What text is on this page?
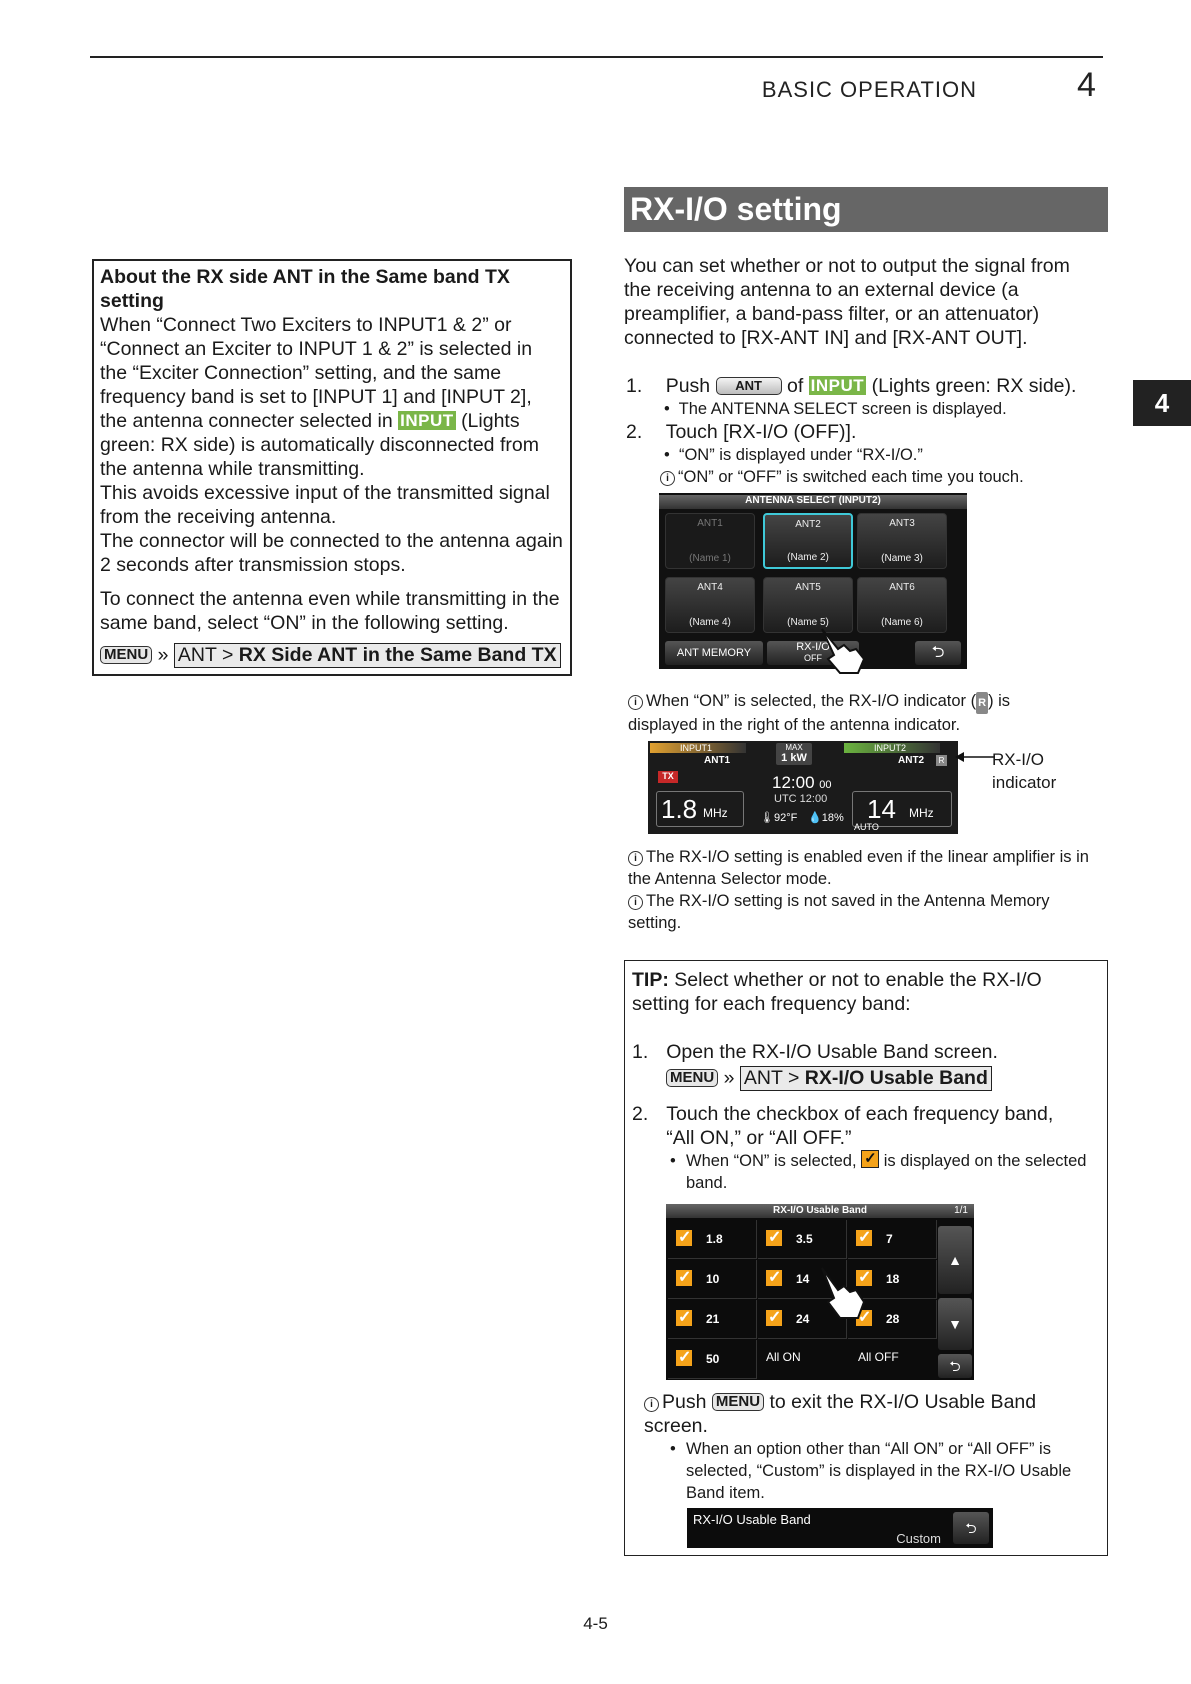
BASIC OPERATION	4
4

About the RX side ANT in the Same band TX setting

When “Connect Two Exciters to INPUT1 & 2” or “Connect an Exciter to INPUT 1 & 2” is selected in the “Exciter Connection” setting, and the same frequency band is set to [INPUT 1] and [INPUT 2], the antenna connecter selected in INPUT (Lights green: RX side) is automatically disconnected from the antenna while transmitting.

This avoids excessive input of the transmitted signal from the receiving antenna.

The connector will be connected to the antenna again 2 seconds after transmission stops.

To connect the antenna even while transmitting in the same band, select “ON” in the following setting.

MENU » ANT > RX Side ANT in the Same Band TX

RX-I/O setting
You can set whether or not to output the signal from the receiving antenna to an external device (a preamplifier, a band-pass filter, or an attenuator) connected to [RX-ANT IN] and [RX-ANT OUT].
1. Push ANT of INPUT (Lights green: RX side).
•  The ANTENNA SELECT screen is displayed.
2. Touch [RX-I/O (OFF)].
•  “ON” is displayed under “RX-I/O.”
i “ON” or “OFF” is switched each time you touch.
ANTENNA SELECT (INPUT2)
ANT1
(Name 1)
ANT2
(Name 2)
ANT3
(Name 3)
ANT4
(Name 4)
ANT5
(Name 5)
ANT6
(Name 6)
ANT MEMORY	RX-I/O
OFF	⮌
i When “ON” is selected, the RX-I/O indicator ( R ) is displayed in the right of the antenna indicator.
INPUT1
ANT1
TX
1.8 MHz
MAX
1 kW
12:00 00
UTC 12:00
🌡92°F 💧18%
INPUT2
ANT2	R
14 MHz
AUTO
RX-I/O indicator
i The RX-I/O setting is enabled even if the linear amplifier is in the Antenna Selector mode.
i The RX-I/O setting is not saved in the Antenna Memory setting.
TIP: Select whether or not to enable the RX-I/O setting for each frequency band:
1. Open the RX-I/O Usable Band screen.
MENU » ANT > RX-I/O Usable Band
2. Touch the checkbox of each frequency band, “All ON,” or “All OFF.”
• When “ON” is selected, ✓ is displayed on the selected band.
RX-I/O Usable Band	1/1
✓
1.8 ✓	3.5 ✓	7
✓
10 ✓	14 ✓	18
✓
21 ✓	24 ✓	28
✓
50	All ON	All OFF
▲
▼
⮌
i Push MENU to exit the RX-I/O Usable Band screen.
• When an option other than “All ON” or “All OFF” is selected, “Custom” is displayed in the RX-I/O Usable Band item.
RX-I/O Usable Band
Custom
⮌
4-5
